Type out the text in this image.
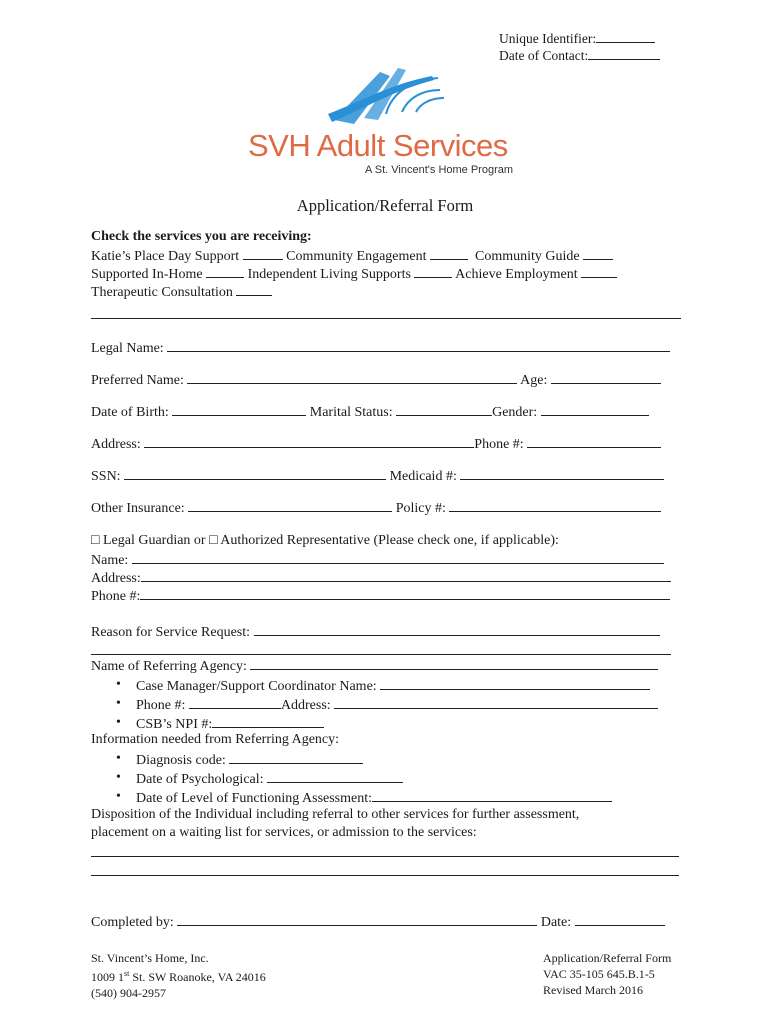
Unique Identifier:
Date of Contact:
SVH Adult Services
A St. Vincent's Home Program
Application/Referral Form
Check the services you are receiving:
Katie’s Place Day Support	Community Engagement	Community Guide
Supported In-Home	Independent Living Supports	Achieve Employment
Therapeutic Consultation
Legal Name:
Preferred Name:	Age:
Date of Birth:	Marital Status:	Gender:
Address:	Phone #:
SSN:	Medicaid #:
Other Insurance:	Policy #:
□ Legal Guardian or □ Authorized Representative (Please check one, if applicable):
Name:
Address:
Phone #:
Reason for Service Request:
Name of Referring Agency:
• Case Manager/Support Coordinator Name:
• Phone #:	Address:
• CSB’s NPI #:
Information needed from Referring Agency:
• Diagnosis code:
• Date of Psychological:
• Date of Level of Functioning Assessment:
Disposition of the Individual including referral to other services for further assessment,
placement on a waiting list for services, or admission to the services:
Completed by:	Date:
St. Vincent’s Home, Inc.
1009 1st St. SW Roanoke, VA 24016
(540) 904-2957
Application/Referral Form
VAC 35-105 645.B.1-5
Revised March 2016
